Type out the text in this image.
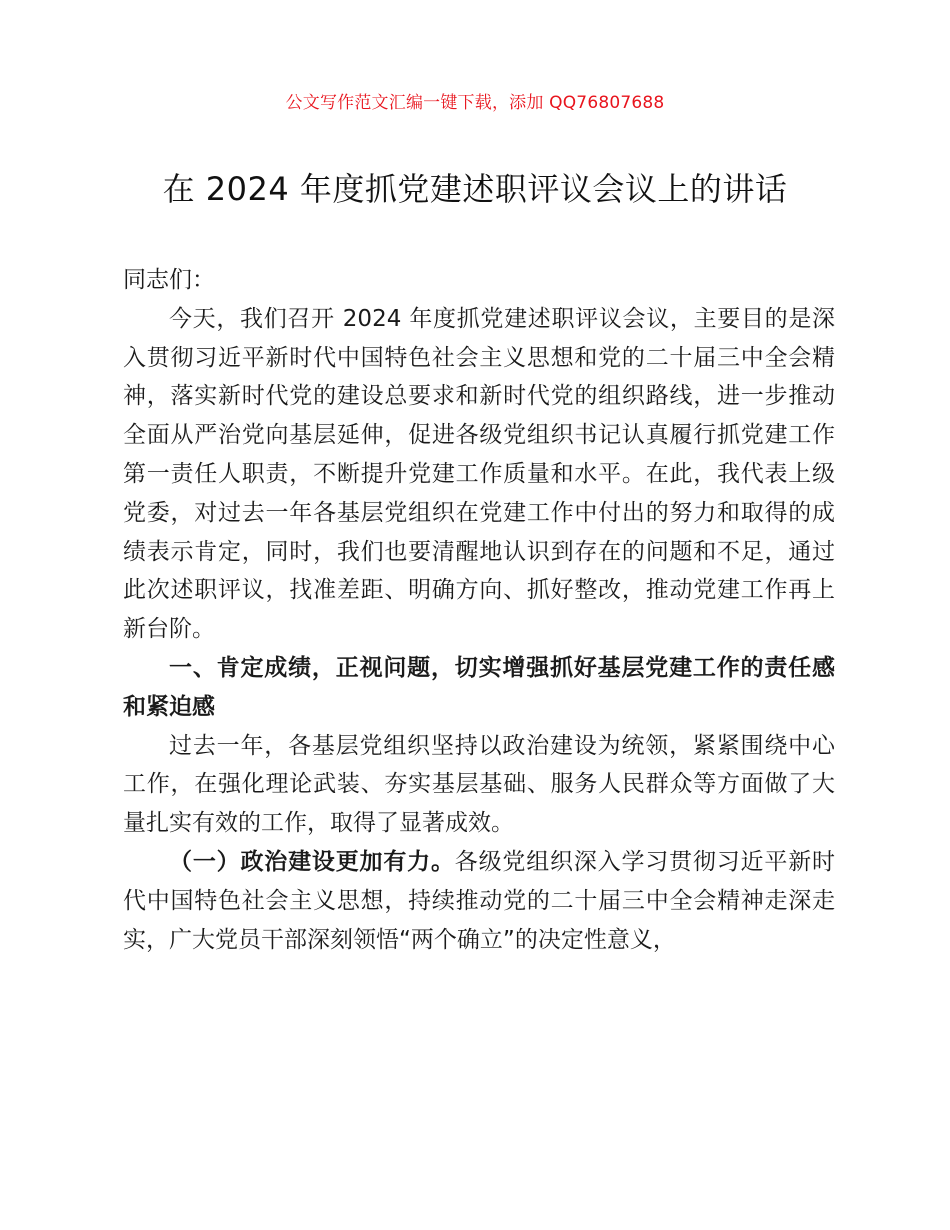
公文写作范文汇编一键下载，添加 QQ76807688
在 2024 年度抓党建述职评议会议上的讲话

同志们：

今天，我们召开 2024 年度抓党建述职评议会议，主要目的是深入贯彻习近平新时代中国特色社会主义思想和党的二十届三中全会精神，落实新时代党的建设总要求和新时代党的组织路线，进一步推动全面从严治党向基层延伸，促进各级党组织书记认真履行抓党建工作第一责任人职责，不断提升党建工作质量和水平。在此，我代表上级党委，对过去一年各基层党组织在党建工作中付出的努力和取得的成绩表示肯定，同时，我们也要清醒地认识到存在的问题和不足，通过此次述职评议，找准差距、明确方向、抓好整改，推动党建工作再上新台阶。

一、肯定成绩，正视问题，切实增强抓好基层党建工作的责任感和紧迫感

过去一年，各基层党组织坚持以政治建设为统领，紧紧围绕中心工作，在强化理论武装、夯实基层基础、服务人民群众等方面做了大量扎实有效的工作，取得了显著成效。

（一）政治建设更加有力。各级党组织深入学习贯彻习近平新时代中国特色社会主义思想，持续推动党的二十届三中全会精神走深走实，广大党员干部深刻领悟“两个确立”的决定性意义，
